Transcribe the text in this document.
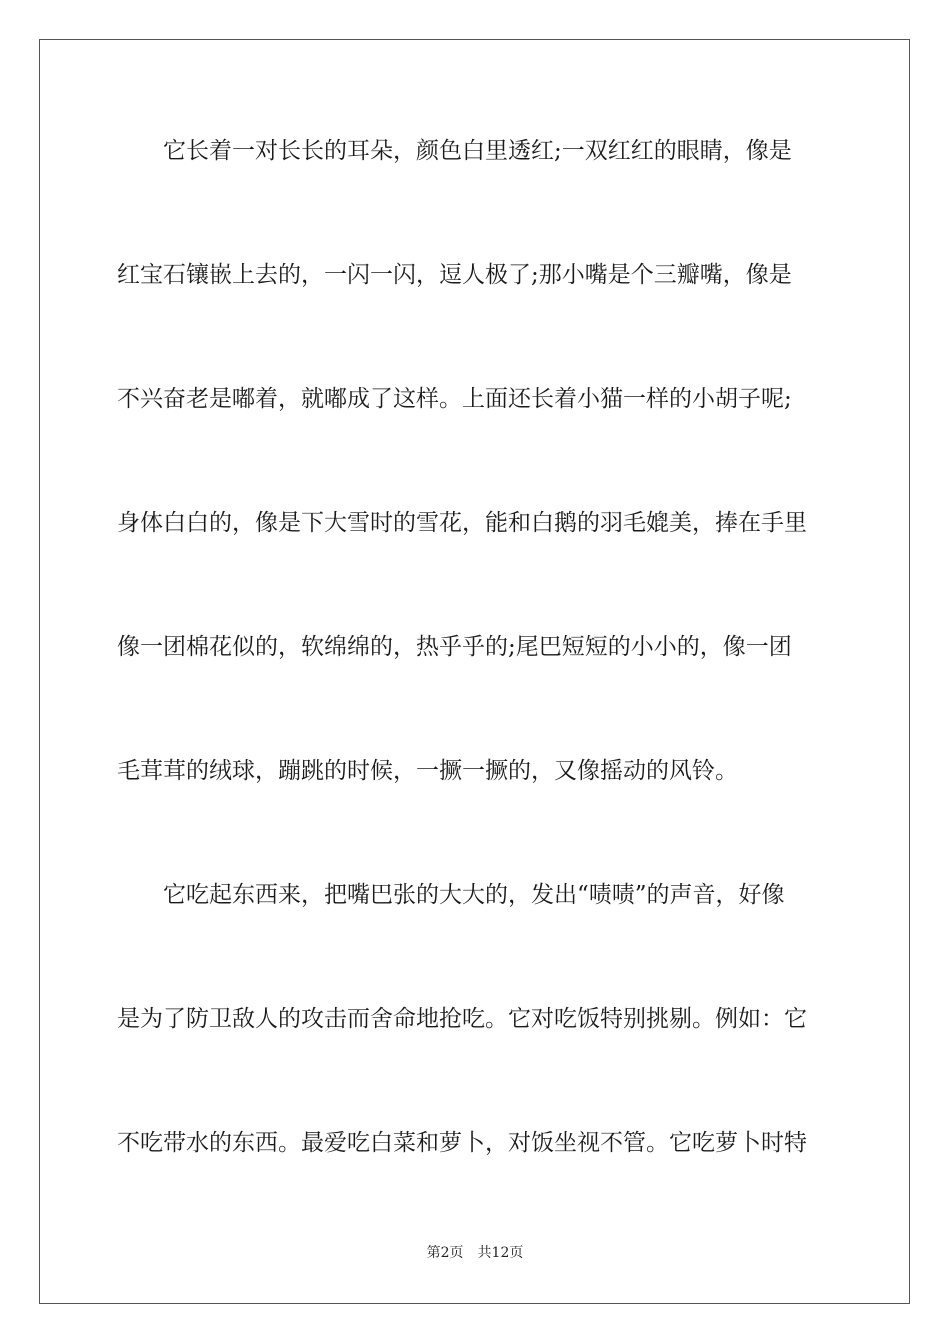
　　它长着一对长长的耳朵，颜色白里透红;一双红红的眼睛，像是
红宝石镶嵌上去的，一闪一闪，逗人极了;那小嘴是个三瓣嘴，像是
不兴奋老是嘟着，就嘟成了这样。上面还长着小猫一样的小胡子呢;
身体白白的，像是下大雪时的雪花，能和白鹅的羽毛媲美，捧在手里
像一团棉花似的，软绵绵的，热乎乎的;尾巴短短的小小的，像一团
毛茸茸的绒球，蹦跳的时候，一撅一撅的，又像摇动的风铃。
　　它吃起东西来，把嘴巴张的大大的，发出“啧啧”的声音，好像
是为了防卫敌人的攻击而舍命地抢吃。它对吃饭特别挑剔。例如：它
不吃带水的东西。最爱吃白菜和萝卜，对饭坐视不管。它吃萝卜时特
第2页 共12页
